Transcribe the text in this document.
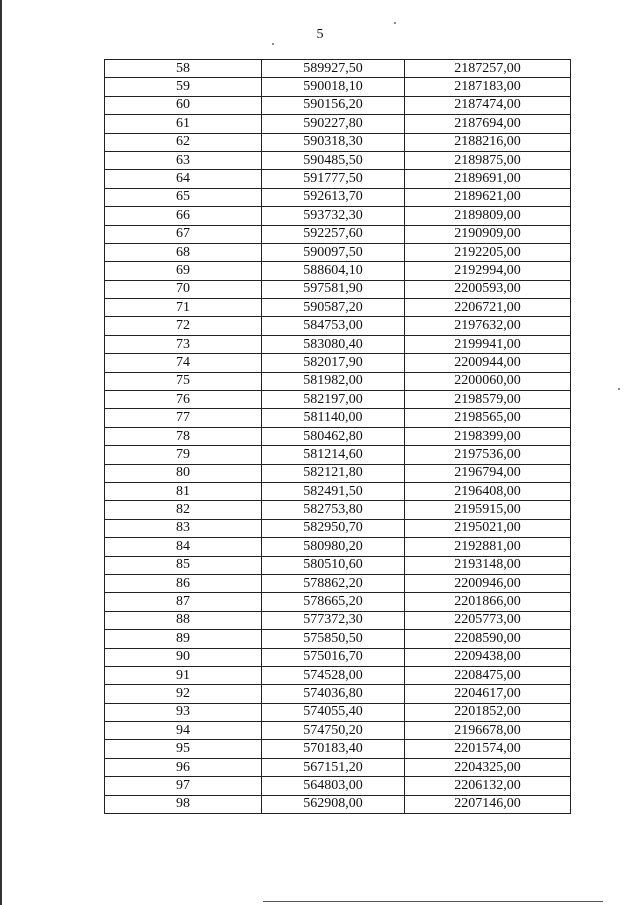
5
58	589927,50	2187257,00
59	590018,10	2187183,00
60	590156,20	2187474,00
61	590227,80	2187694,00
62	590318,30	2188216,00
63	590485,50	2189875,00
64	591777,50	2189691,00
65	592613,70	2189621,00
66	593732,30	2189809,00
67	592257,60	2190909,00
68	590097,50	2192205,00
69	588604,10	2192994,00
70	597581,90	2200593,00
71	590587,20	2206721,00
72	584753,00	2197632,00
73	583080,40	2199941,00
74	582017,90	2200944,00
75	581982,00	2200060,00
76	582197,00	2198579,00
77	581140,00	2198565,00
78	580462,80	2198399,00
79	581214,60	2197536,00
80	582121,80	2196794,00
81	582491,50	2196408,00
82	582753,80	2195915,00
83	582950,70	2195021,00
84	580980,20	2192881,00
85	580510,60	2193148,00
86	578862,20	2200946,00
87	578665,20	2201866,00
88	577372,30	2205773,00
89	575850,50	2208590,00
90	575016,70	2209438,00
91	574528,00	2208475,00
92	574036,80	2204617,00
93	574055,40	2201852,00
94	574750,20	2196678,00
95	570183,40	2201574,00
96	567151,20	2204325,00
97	564803,00	2206132,00
98	562908,00	2207146,00
